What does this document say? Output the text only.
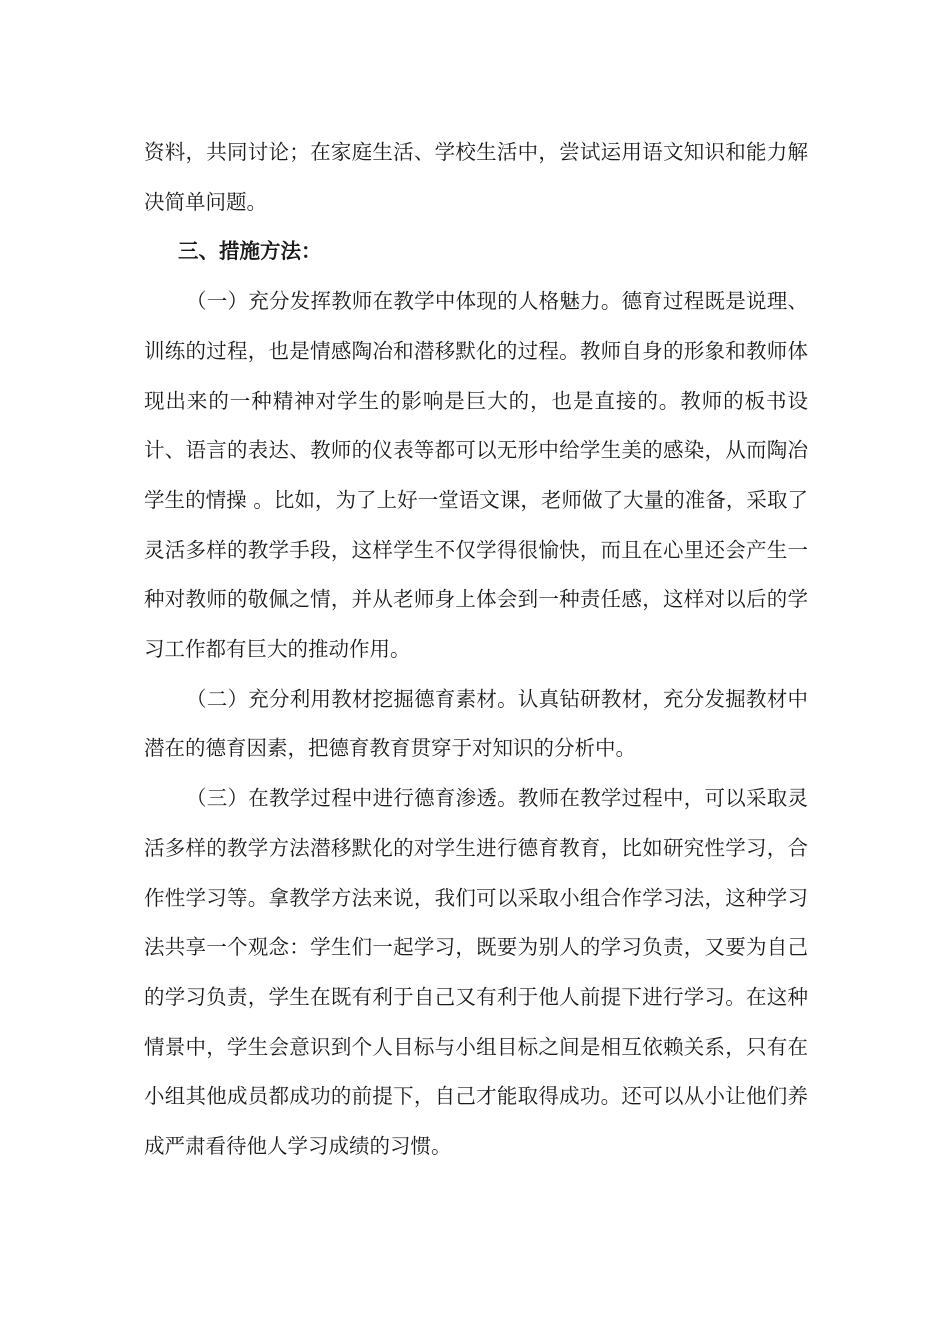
资料，共同讨论；在家庭生活、学校生活中，尝试运用语文知识和能力解决简单问题。

三、措施方法：

（一）充分发挥教师在教学中体现的人格魅力。德育过程既是说理、训练的过程，也是情感陶冶和潜移默化的过程。教师自身的形象和教师体现出来的一种精神对学生的影响是巨大的，也是直接的。教师的板书设计、语言的表达、教师的仪表等都可以无形中给学生美的感染，从而陶冶学生的情操 。比如，为了上好一堂语文课，老师做了大量的准备，采取了灵活多样的教学手段，这样学生不仅学得很愉快，而且在心里还会产生一种对教师的敬佩之情，并从老师身上体会到一种责任感，这样对以后的学习工作都有巨大的推动作用。

（二）充分利用教材挖掘德育素材。认真钻研教材，充分发掘教材中潜在的德育因素，把德育教育贯穿于对知识的分析中。

（三）在教学过程中进行德育渗透。教师在教学过程中，可以采取灵活多样的教学方法潜移默化的对学生进行德育教育，比如研究性学习，合作性学习等。拿教学方法来说，我们可以采取小组合作学习法，这种学习法共享一个观念：学生们一起学习，既要为别人的学习负责，又要为自己的学习负责，学生在既有利于自己又有利于他人前提下进行学习。在这种情景中，学生会意识到个人目标与小组目标之间是相互依赖关系，只有在小组其他成员都成功的前提下，自己才能取得成功。还可以从小让他们养成严肃看待他人学习成绩的习惯。
